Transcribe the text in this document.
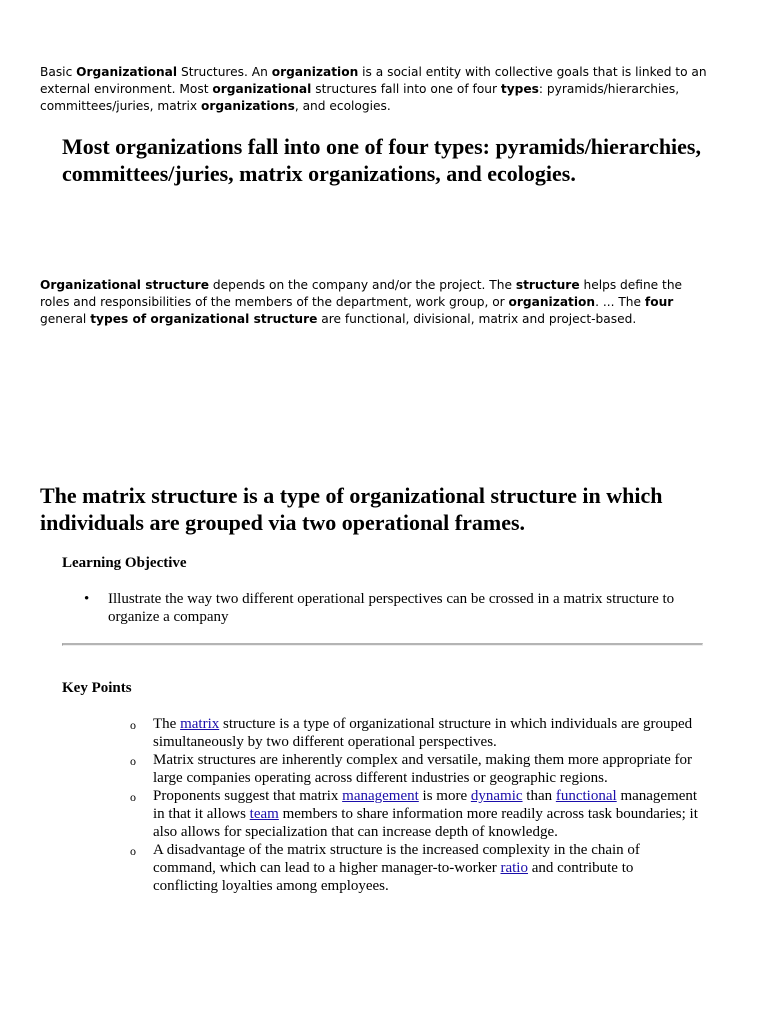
Basic Organizational Structures. An organization is a social entity with collective goals that is linked to an external environment. Most organizational structures fall into one of four types: pyramids/hierarchies, committees/juries, matrix organizations, and ecologies.

Most organizations fall into one of four types: pyramids/hierarchies, committees/juries, matrix organizations, and ecologies.

Organizational structure depends on the company and/or the project. The structure helps define the roles and responsibilities of the members of the department, work group, or organization. ... The four general types of organizational structure are functional, divisional, matrix and project-based.

The matrix structure is a type of organizational structure in which individuals are grouped via two operational frames.
Learning Objective
• Illustrate the way two different operational perspectives can be crossed in a matrix structure to organize a company
Key Points
o The matrix structure is a type of organizational structure in which individuals are grouped simultaneously by two different operational perspectives.
o Matrix structures are inherently complex and versatile, making them more appropriate for large companies operating across different industries or geographic regions.
o Proponents suggest that matrix management is more dynamic than functional management in that it allows team members to share information more readily across task boundaries; it also allows for specialization that can increase depth of knowledge.
o A disadvantage of the matrix structure is the increased complexity in the chain of command, which can lead to a higher manager-to-worker ratio and contribute to conflicting loyalties among employees.
